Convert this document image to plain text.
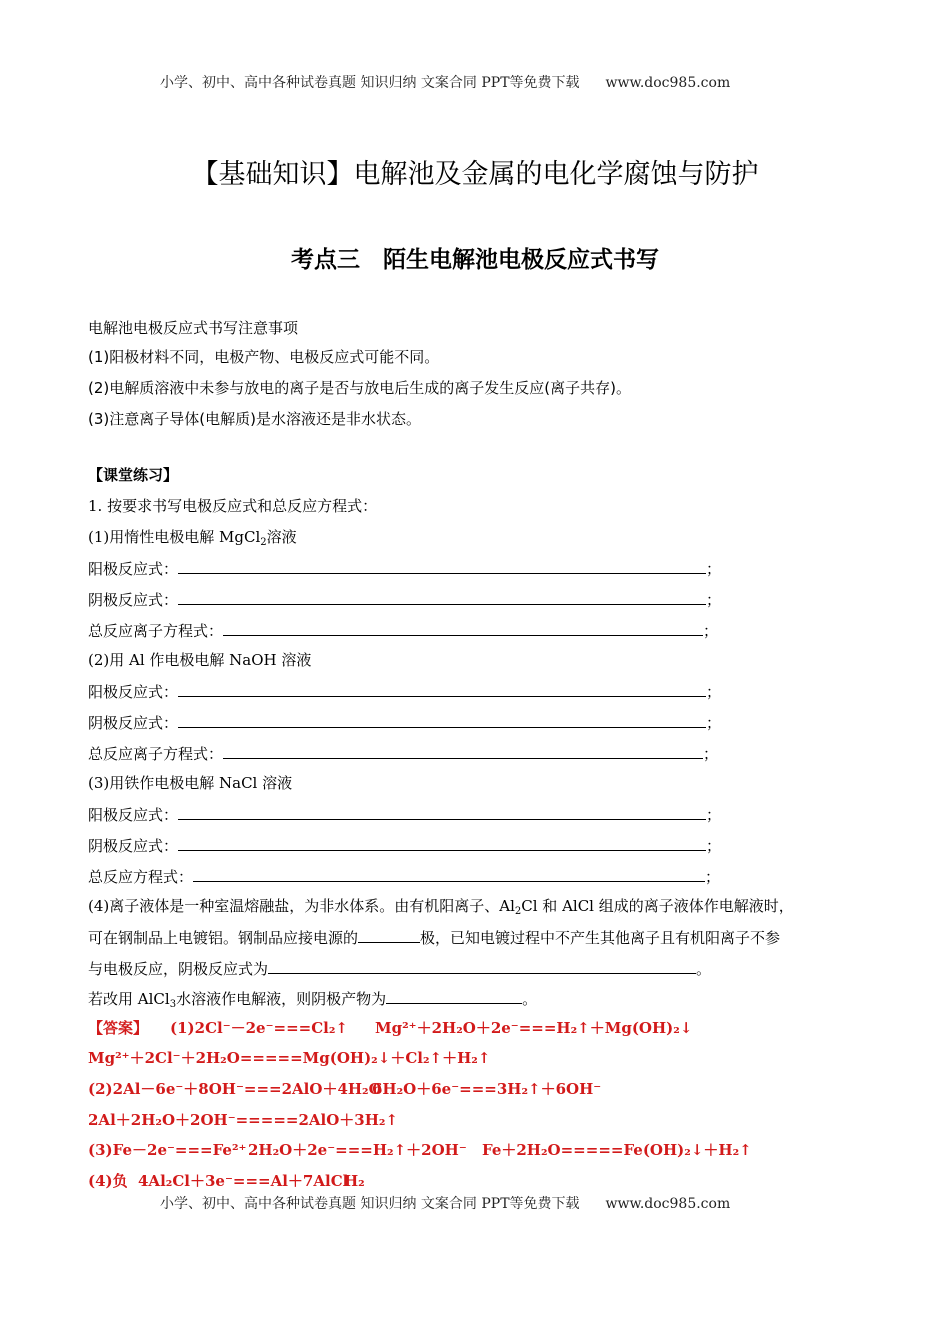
小学、初中、高中各种试卷真题 知识归纳 文案合同 PPT等免费下载 www.doc985.com
【基础知识】电解池及金属的电化学腐蚀与防护
考点三　陌生电解池电极反应式书写
电解池电极反应式书写注意事项
(1)阳极材料不同，电极产物、电极反应式可能不同。
(2)电解质溶液中未参与放电的离子是否与放电后生成的离子发生反应(离子共存)。
(3)注意离子导体(电解质)是水溶液还是非水状态。
【课堂练习】
1. 按要求书写电极反应式和总反应方程式：
(1)用惰性电极电解 MgCl$_2$溶液
阳极反应式：	；
阴极反应式：	；
总反应离子方程式：	；
(2)用 Al 作电极电解 NaOH 溶液
阳极反应式：	；
阴极反应式：	；
总反应离子方程式：	；
(3)用铁作电极电解 NaCl 溶液
阳极反应式：	；
阴极反应式：	；
总反应方程式：	；
(4)离子液体是一种室温熔融盐，为非水体系。由有机阳离子、$Al_2Cl$ 和 AlCl 组成的离子液体作电解液时，
可在钢制品上电镀铝。钢制品应接电源的	极，已知电镀过程中不产生其他离子且有机阳离子不参
与电极反应，阴极反应式为	。
若改用 AlCl$_3$水溶液作电解液，则阴极产物为	。
【答案】 (1)2Cl⁻－2e⁻===Cl₂↑ Mg²⁺＋2H₂O＋2e⁻===H₂↑＋Mg(OH)₂↓
Mg²⁺＋2Cl⁻＋2H₂O=====Mg(OH)₂↓＋Cl₂↑＋H₂↑
(2)2Al－6e⁻＋8OH⁻===2AlO＋4H₂O
6H₂O＋6e⁻===3H₂↑＋6OH⁻
2Al＋2H₂O＋2OH⁻=====2AlO＋3H₂↑
(3)Fe－2e⁻===Fe²⁺ 2H₂O＋2e⁻===H₂↑＋2OH⁻ Fe＋2H₂O=====Fe(OH)₂↓＋H₂↑
(4)负 4Al₂Cl＋3e⁻===Al＋7AlCl
H₂
小学、初中、高中各种试卷真题 知识归纳 文案合同 PPT等免费下载 www.doc985.com
